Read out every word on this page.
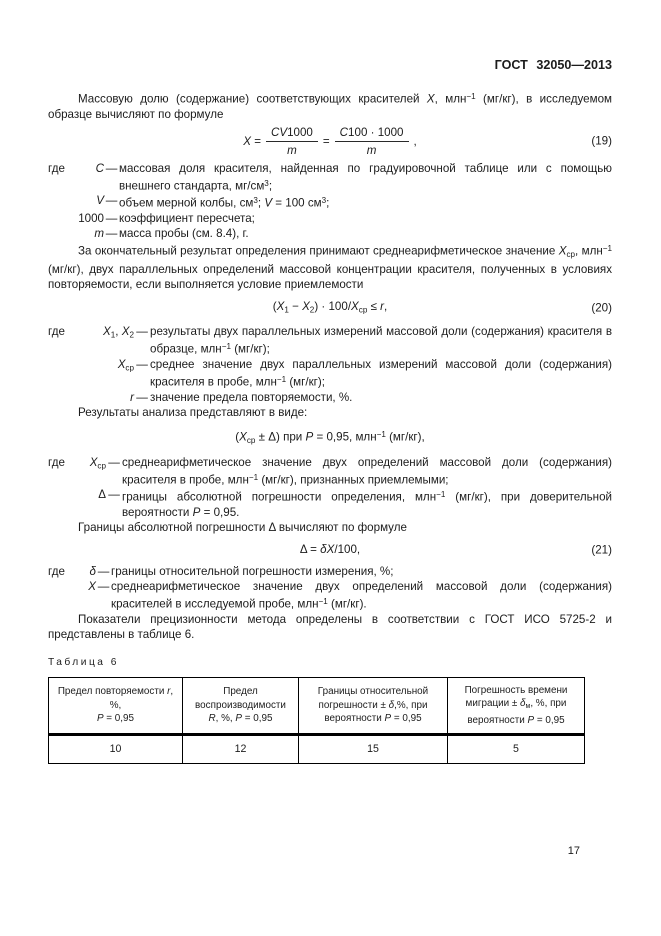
ГОСТ 32050—2013

Массовую долю (содержание) соответствующих красителей X, млн$^{-1}$ (мг/кг), в исследуемом образце вычисляют по формуле

$X = \frac{CV1000}{m} = \frac{C100 \cdot 1000}{m}$ ,	(19)
где	C — массовая доля красителя, найденная по градуировочной таблице или с помощью внешнего стандарта, $мг/см^3$;
V — объем мерной колбы, $см^3$; V = 100 $см^3$;
1000 — коэффициент пересчета;
m — масса пробы (см. 8.4), г.

За окончательный результат определения принимают среднеарифметическое значение $X_{ср}$, млн$^{-1}$ (мг/кг), двух параллельных определений массовой концентрации красителя, полученных в условиях повторяемости, если выполняется условие приемлемости

$(X_1 - X_2) \cdot 100/X_{ср} \le r$,	(20)
где	$X_1$, $X_2$ — результаты двух параллельных измерений массовой доли (содержания) красителя в образце, млн$^{-1}$ (мг/кг);
$X_{ср}$ — среднее значение двух параллельных измерений массовой доли (содержания) красителя в пробе, млн$^{-1}$ (мг/кг);
r — значение предела повторяемости, %.

Результаты анализа представляют в виде:

$(X_{ср} \pm \Delta)$ при P = 0,95, млн$^{-1}$ (мг/кг),
где	$X_{ср}$ — среднеарифметическое значение двух определений массовой доли (содержания) красителя в пробе, млн$^{-1}$ (мг/кг), признанных приемлемыми;
Δ — границы абсолютной погрешности определения, млн$^{-1}$ (мг/кг), при доверительной вероятности P = 0,95.

Границы абсолютной погрешности Δ вычисляют по формуле

Δ = δX/100,	(21)
где	δ — границы относительной погрешности измерения, %;
X — среднеарифметическое значение двух определений массовой доли (содержания) красителей в исследуемой пробе, млн$^{-1}$ (мг/кг).

Показатели прецизионности метода определены в соответствии с ГОСТ ИСО 5725-2 и представлены в таблице 6.

Таблица 6
Предел повторяемости r, %,
P = 0,95	Предел воспроизводимости
R, %, P = 0,95	Границы относительной
погрешности ± δ,%, при
вероятности P = 0,95	Погрешность времени
миграции ± $\delta_м$, %, при
вероятности P = 0,95
10	12	15	5
17
